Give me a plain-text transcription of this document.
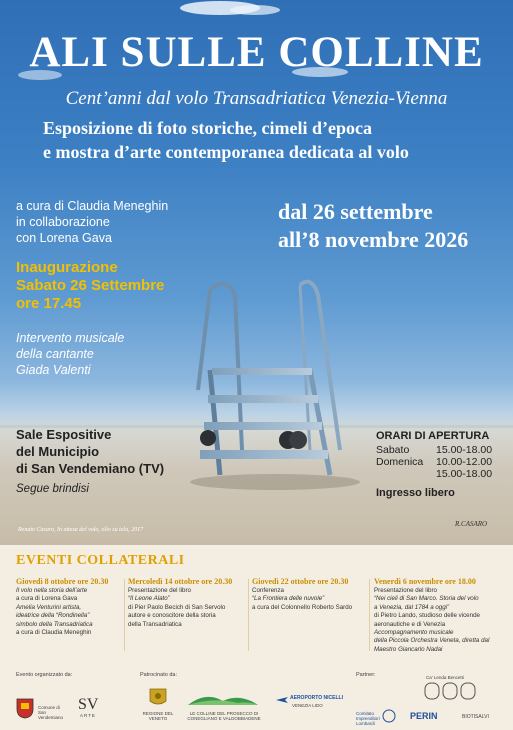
ALI SULLE COLLINE

Cent’anni dal volo Transadriatica Venezia-Vienna

Esposizione di foto storiche, cimeli d’epoca

e mostra d’arte contemporanea dedicata al volo

a cura di Claudia Meneghin
in collaborazione
con Lorena Gava
dal 26 settembre
all’8 novembre 2026
Inaugurazione
Sabato 26 Settembre
ore 17.45
Intervento musicale
della cantante
Giada Valenti
Sale Espositive
del Municipio
di San Vendemiano (TV)

Segue brindisi

ORARI DI APERTURA

Sabato	15.00-18.00
Domenica 10.00-12.00
15.00-18.00

Ingresso libero

Renato Casaro, In attesa del volo, olio su tela, 2017

R.CASARO

EVENTI COLLATERALI

Giovedì 8 ottobre ore 20.30
Il volo nella storia dell’arte
a cura di Lorena Gava
Amelia Venturini artista,
ideatrice della “Rondinella”
simbolo della Transadriatica
a cura di Claudia Meneghin
Mercoledì 14 ottobre ore 20.30
Presentazione del libro
“Il Leone Alato”
di Pier Paolo Becich di San Servolo
autore e conoscitore della storia
della Transadriatica
Giovedì 22 ottobre ore 20.30
Conferenza
“La Frontiera delle nuvole”
a cura del Colonnello Roberto Sardo
Venerdì 6 novembre ore 18.00
Presentazione del libro
“Nei cieli di San Marco. Storia del volo
a Venezia, dal 1784 a oggi”
di Pietro Lando, studioso delle vicende
aeronautiche e di Venezia
Accompagnamento musicale
della Piccola Orchestra Veneta, diretta dal Maestro Giancarlo Nadai
Evento organizzato da:	Patrocinato da:	Partner:
Comune di San Vendemiano
SV
ARTE	REGIONE DEL VENETO
LE COLLINE DEL PROSECCO DI CONEGLIANO E VALDOBBIADENE
AEROPORTO NICELLI
VENEZIA LIDO
Comitato Imprenditori Lombardi
Ca' Lenda Bencetti
PERIN	BIOTISALVI
